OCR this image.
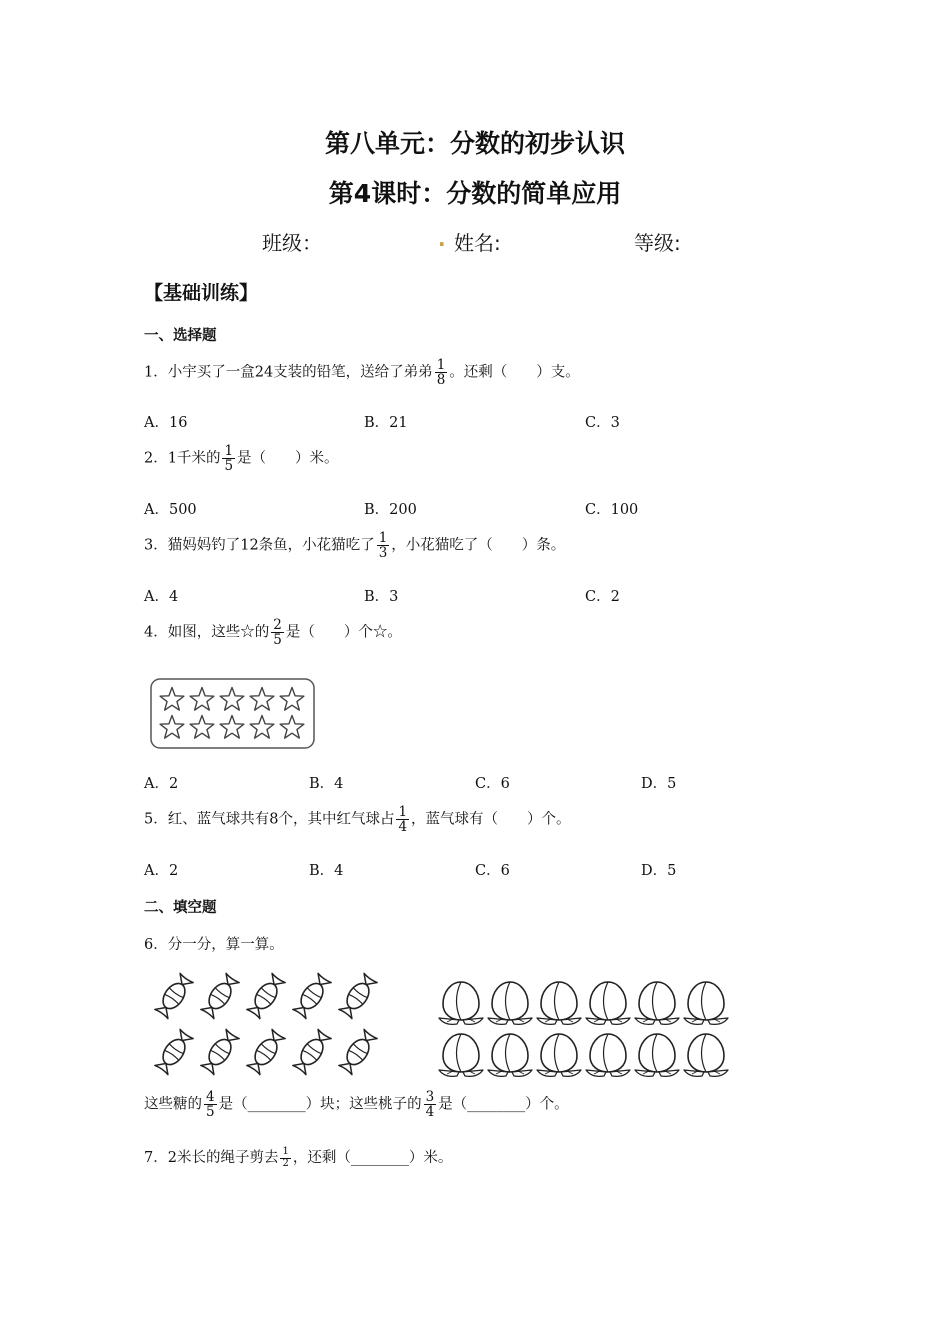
第八单元：分数的初步认识
第4课时：分数的简单应用
班级：	. 姓名:	等级:
【基础训练】
一、选择题
1．小宇买了一盒24支装的铅笔，送给了弟弟 $\frac{1}{8}$ 。还剩（　　）支。
A．16	B．21	C．3
2．1千米的 $\frac{1}{5}$ 是（　　）米。
A．500	B．200	C．100
3．猫妈妈钓了12条鱼，小花猫吃了 $\frac{1}{3}$ ，小花猫吃了（　　）条。
A．4	B．3	C．2
4．如图，这些☆的 $\frac{2}{5}$ 是（　　）个☆。
A．2	B．4	C．6	D．5
5．红、蓝气球共有8个，其中红气球占 $\frac{1}{4}$ ，蓝气球有（　　）个。
A．2	B．4	C．6	D．5
二、填空题
6．分一分，算一算。
这些糖的 $\frac{4}{5}$ 是（________）块；这些桃子的 $\frac{3}{4}$ 是（________）个。
7．2米长的绳子剪去 $\frac{1}{2}$ ，还剩（________）米。
